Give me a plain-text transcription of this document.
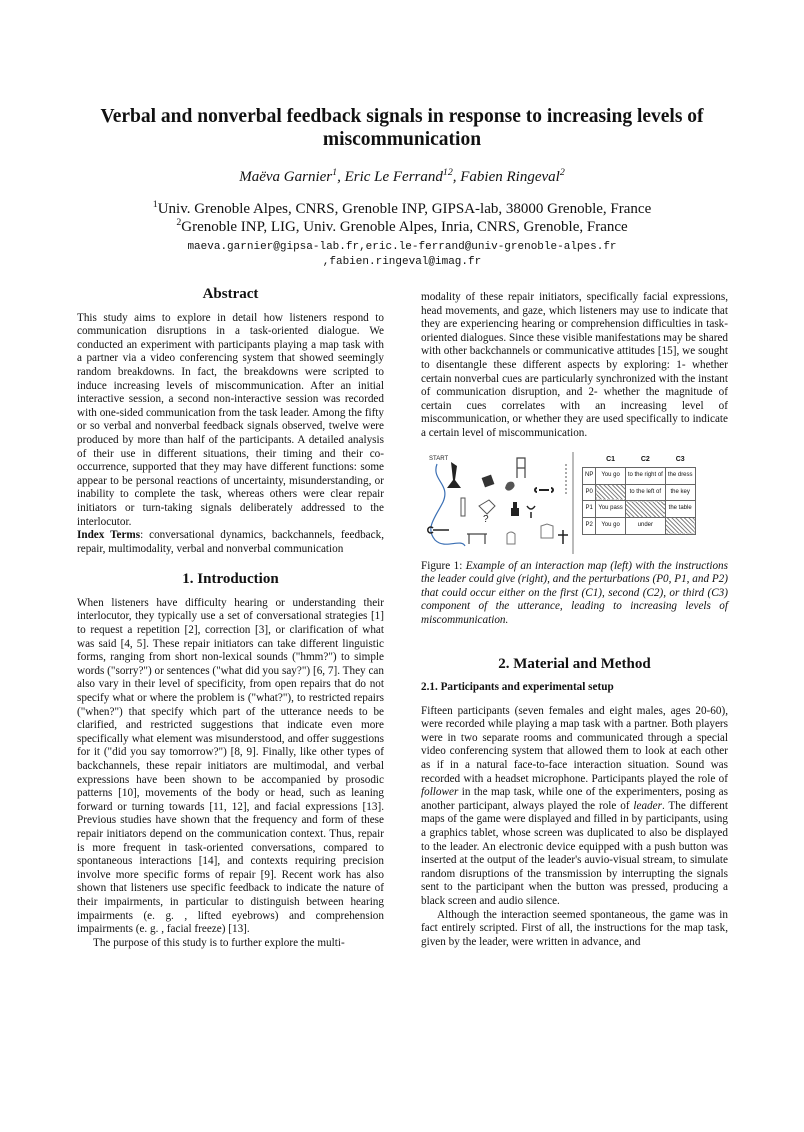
Verbal and nonverbal feedback signals in response to increasing levels of miscommunication
Maëva Garnier$^1$, Eric Le Ferrand$^{12}$, Fabien Ringeval$^2$
$^1$Univ. Grenoble Alpes, CNRS, Grenoble INP, GIPSA-lab, 38000 Grenoble, France
$^2$Grenoble INP, LIG, Univ. Grenoble Alpes, Inria, CNRS, Grenoble, France
maeva.garnier@gipsa-lab.fr,eric.le-ferrand@univ-grenoble-alpes.fr
,fabien.ringeval@imag.fr
Abstract

This study aims to explore in detail how listeners respond to communication disruptions in a task-oriented dialogue. We conducted an experiment with participants playing a map task with a partner via a video conferencing system that showed seemingly random breakdowns. In fact, the breakdowns were scripted to induce increasing levels of miscommunication. After an initial interactive session, a second non-interactive session was recorded with one-sided communication from the task leader. Among the fifty or so verbal and nonverbal feedback signals observed, twelve were produced by more than half of the participants. A detailed analysis of their use in different situations, their timing and their co-occurrence, supported that they may have different functions: some appear to be personal reactions of uncertainty, misunderstanding, or inability to complete the task, whereas others were clear repair initiators or turn-taking signals deliberately addressed to the interlocutor.

Index Terms: conversational dynamics, backchannels, feedback, repair, multimodality, verbal and nonverbal communication

1. Introduction

When listeners have difficulty hearing or understanding their interlocutor, they typically use a set of conversational strategies [1] to request a repetition [2], correction [3], or clarification of what was said [4, 5]. These repair initiators can take different linguistic forms, ranging from short non-lexical sounds ("hmm?") to simple words ("sorry?") or sentences ("what did you say?") [6, 7]. They can also vary in their level of specificity, from open repairs that do not specify what or where the problem is ("what?"), to restricted repairs ("when?") that specify which part of the utterance needs to be clarified, and restricted suggestions that indicate even more specifically what element was misunderstood, and offer suggestions for it ("did you say tomorrow?") [8, 9]. Finally, like other types of backchannels, these repair initiators are multimodal, and verbal expressions have been shown to be accompanied by prosodic patterns [10], movements of the body or head, such as leaning forward or turning towards [11, 12], and facial expressions [13]. Previous studies have shown that the frequency and form of these repair initiators depend on the communication context. Thus, repair is more frequent in task-oriented conversations, compared to spontaneous interactions [14], and contexts requiring precision involve more specific forms of repair [9]. Recent work has also shown that listeners use specific feedback to indicate the nature of their impairments, in particular to distinguish between hearing impairments (e. g. , lifted eyebrows) and comprehension impairments (e. g. , facial freeze) [13].

The purpose of this study is to further explore the multi-

modality of these repair initiators, specifically facial expressions, head movements, and gaze, which listeners may use to indicate that they are experiencing hearing or comprehension difficulties in task-oriented dialogues. Since these visible manifestations may be shared with other backchannels or communicative attitudes [15], we sought to disentangle these different aspects by exploring: 1- whether certain nonverbal cues are particularly synchronized with the instant of communication disruption, and 2- whether the magnitude of certain cues correlates with an increasing level of miscommunication, or whether they are used specifically to indicate a certain level of miscommunication.

START
?
	C1	C2	C3
NP	You go	to the right of	the dress
P0		to the left of	the key
P1	You pass		the table
P2	You go	under	

Figure 1: Example of an interaction map (left) with the instructions the leader could give (right), and the perturbations (P0, P1, and P2) that could occur either on the first (C1), second (C2), or third (C3) component of the utterance, leading to increasing levels of miscommunication.

2. Material and Method
2.1. Participants and experimental setup

Fifteen participants (seven females and eight males, ages 20-60), were recorded while playing a map task with a partner. Both players were in two separate rooms and communicated through a special video conferencing system that allowed them to look at each other as if in a natural face-to-face interaction situation. Sound was recorded with a headset microphone. Participants played the role of follower in the map task, while one of the experimenters, posing as another participant, always played the role of leader. The different maps of the game were displayed and filled in by participants, using a graphics tablet, whose screen was duplicated to also be displayed to the leader. An electronic device equipped with a push button was inserted at the output of the leader's auvio-visual stream, to simulate random disruptions of the transmission by interrupting the signals sent to the participant when the button was pressed, producing a black screen and audio silence.

Although the interaction seemed spontaneous, the game was in fact entirely scripted. First of all, the instructions for the map task, given by the leader, were written in advance, and
